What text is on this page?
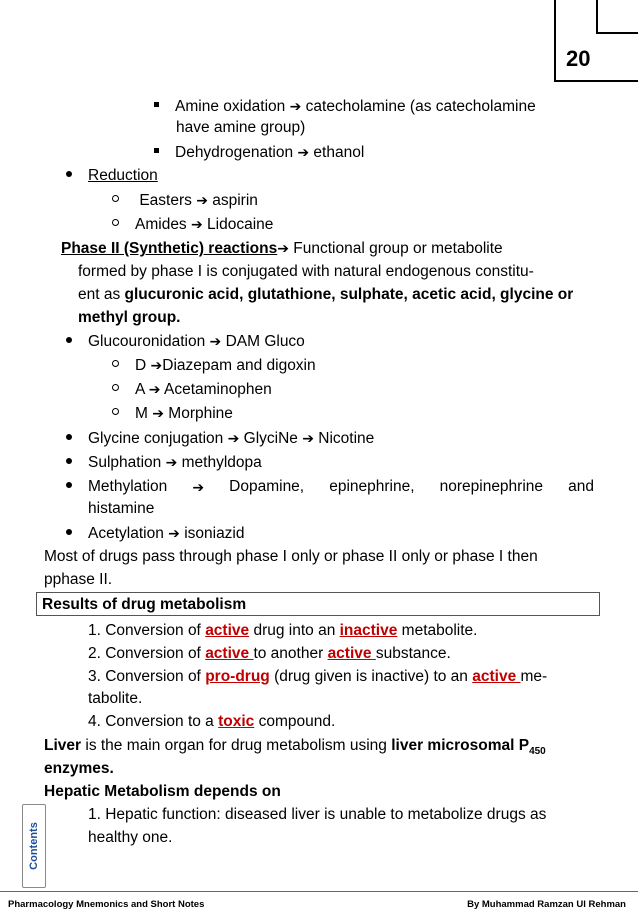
20
Amine oxidation ➔ catecholamine (as catecholamine
have amine group)
Dehydrogenation ➔ ethanol
Reduction
Easters ➔ aspirin
Amides ➔ Lidocaine
Phase II (Synthetic) reactions➔ Functional group or metabolite
formed by phase I is conjugated with natural endogenous constitu-
ent as glucuronic acid, glutathione, sulphate, acetic acid, glycine or
methyl group.
Glucouronidation ➔ DAM Gluco
D ➔Diazepam and digoxin
A ➔ Acetaminophen
M ➔ Morphine
Glycine conjugation ➔ GlyciNe ➔ Nicotine
Sulphation ➔ methyldopa
Methylation ➔ Dopamine, epinephrine, norepinephrine and
histamine
Acetylation ➔ isoniazid
Most of drugs pass through phase I only or phase II only or phase I then
pphase II.
Results of drug metabolism
1. Conversion of active drug into an inactive metabolite.
2. Conversion of active to another active substance.
3. Conversion of pro-drug (drug given is inactive) to an active me-
tabolite.
4. Conversion to a toxic compound.
Liver is the main organ for drug metabolism using liver microsomal $P_{450}$
enzymes.
Hepatic Metabolism depends on
1. Hepatic function: diseased liver is unable to metabolize drugs as
healthy one.
Contents
Pharmacology Mnemonics and Short Notes	By Muhammad Ramzan Ul Rehman
